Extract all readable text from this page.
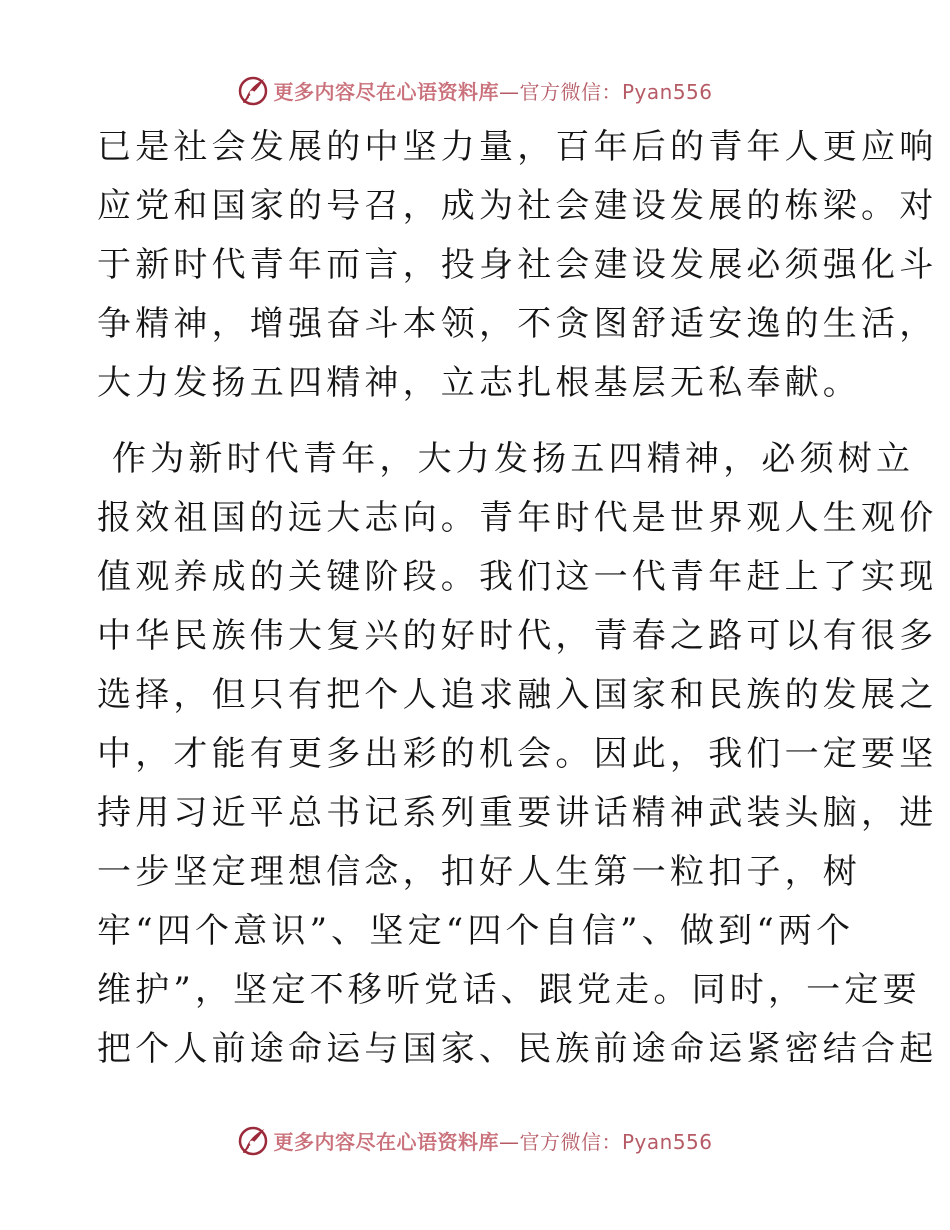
更多内容尽在心语资料库 — 官方微信： Pyan556
已是社会发展的中坚力量，百年后的青年人更应响
应党和国家的号召，成为社会建设发展的栋梁。对
于新时代青年而言，投身社会建设发展必须强化斗
争精神，增强奋斗本领，不贪图舒适安逸的生活，
大力发扬五四精神，立志扎根基层无私奉献。
作为新时代青年，大力发扬五四精神，必须树立
报效祖国的远大志向。青年时代是世界观人生观价
值观养成的关键阶段。我们这一代青年赶上了实现
中华民族伟大复兴的好时代，青春之路可以有很多
选择，但只有把个人追求融入国家和民族的发展之
中，才能有更多出彩的机会。因此，我们一定要坚
持用习近平总书记系列重要讲话精神武装头脑，进
一步坚定理想信念，扣好人生第一粒扣子，树
牢“四个意识”、坚定“四个自信”、做到“两个
维护”，坚定不移听党话、跟党走。同时，一定要
把个人前途命运与国家、民族前途命运紧密结合起
更多内容尽在心语资料库 — 官方微信： Pyan556
